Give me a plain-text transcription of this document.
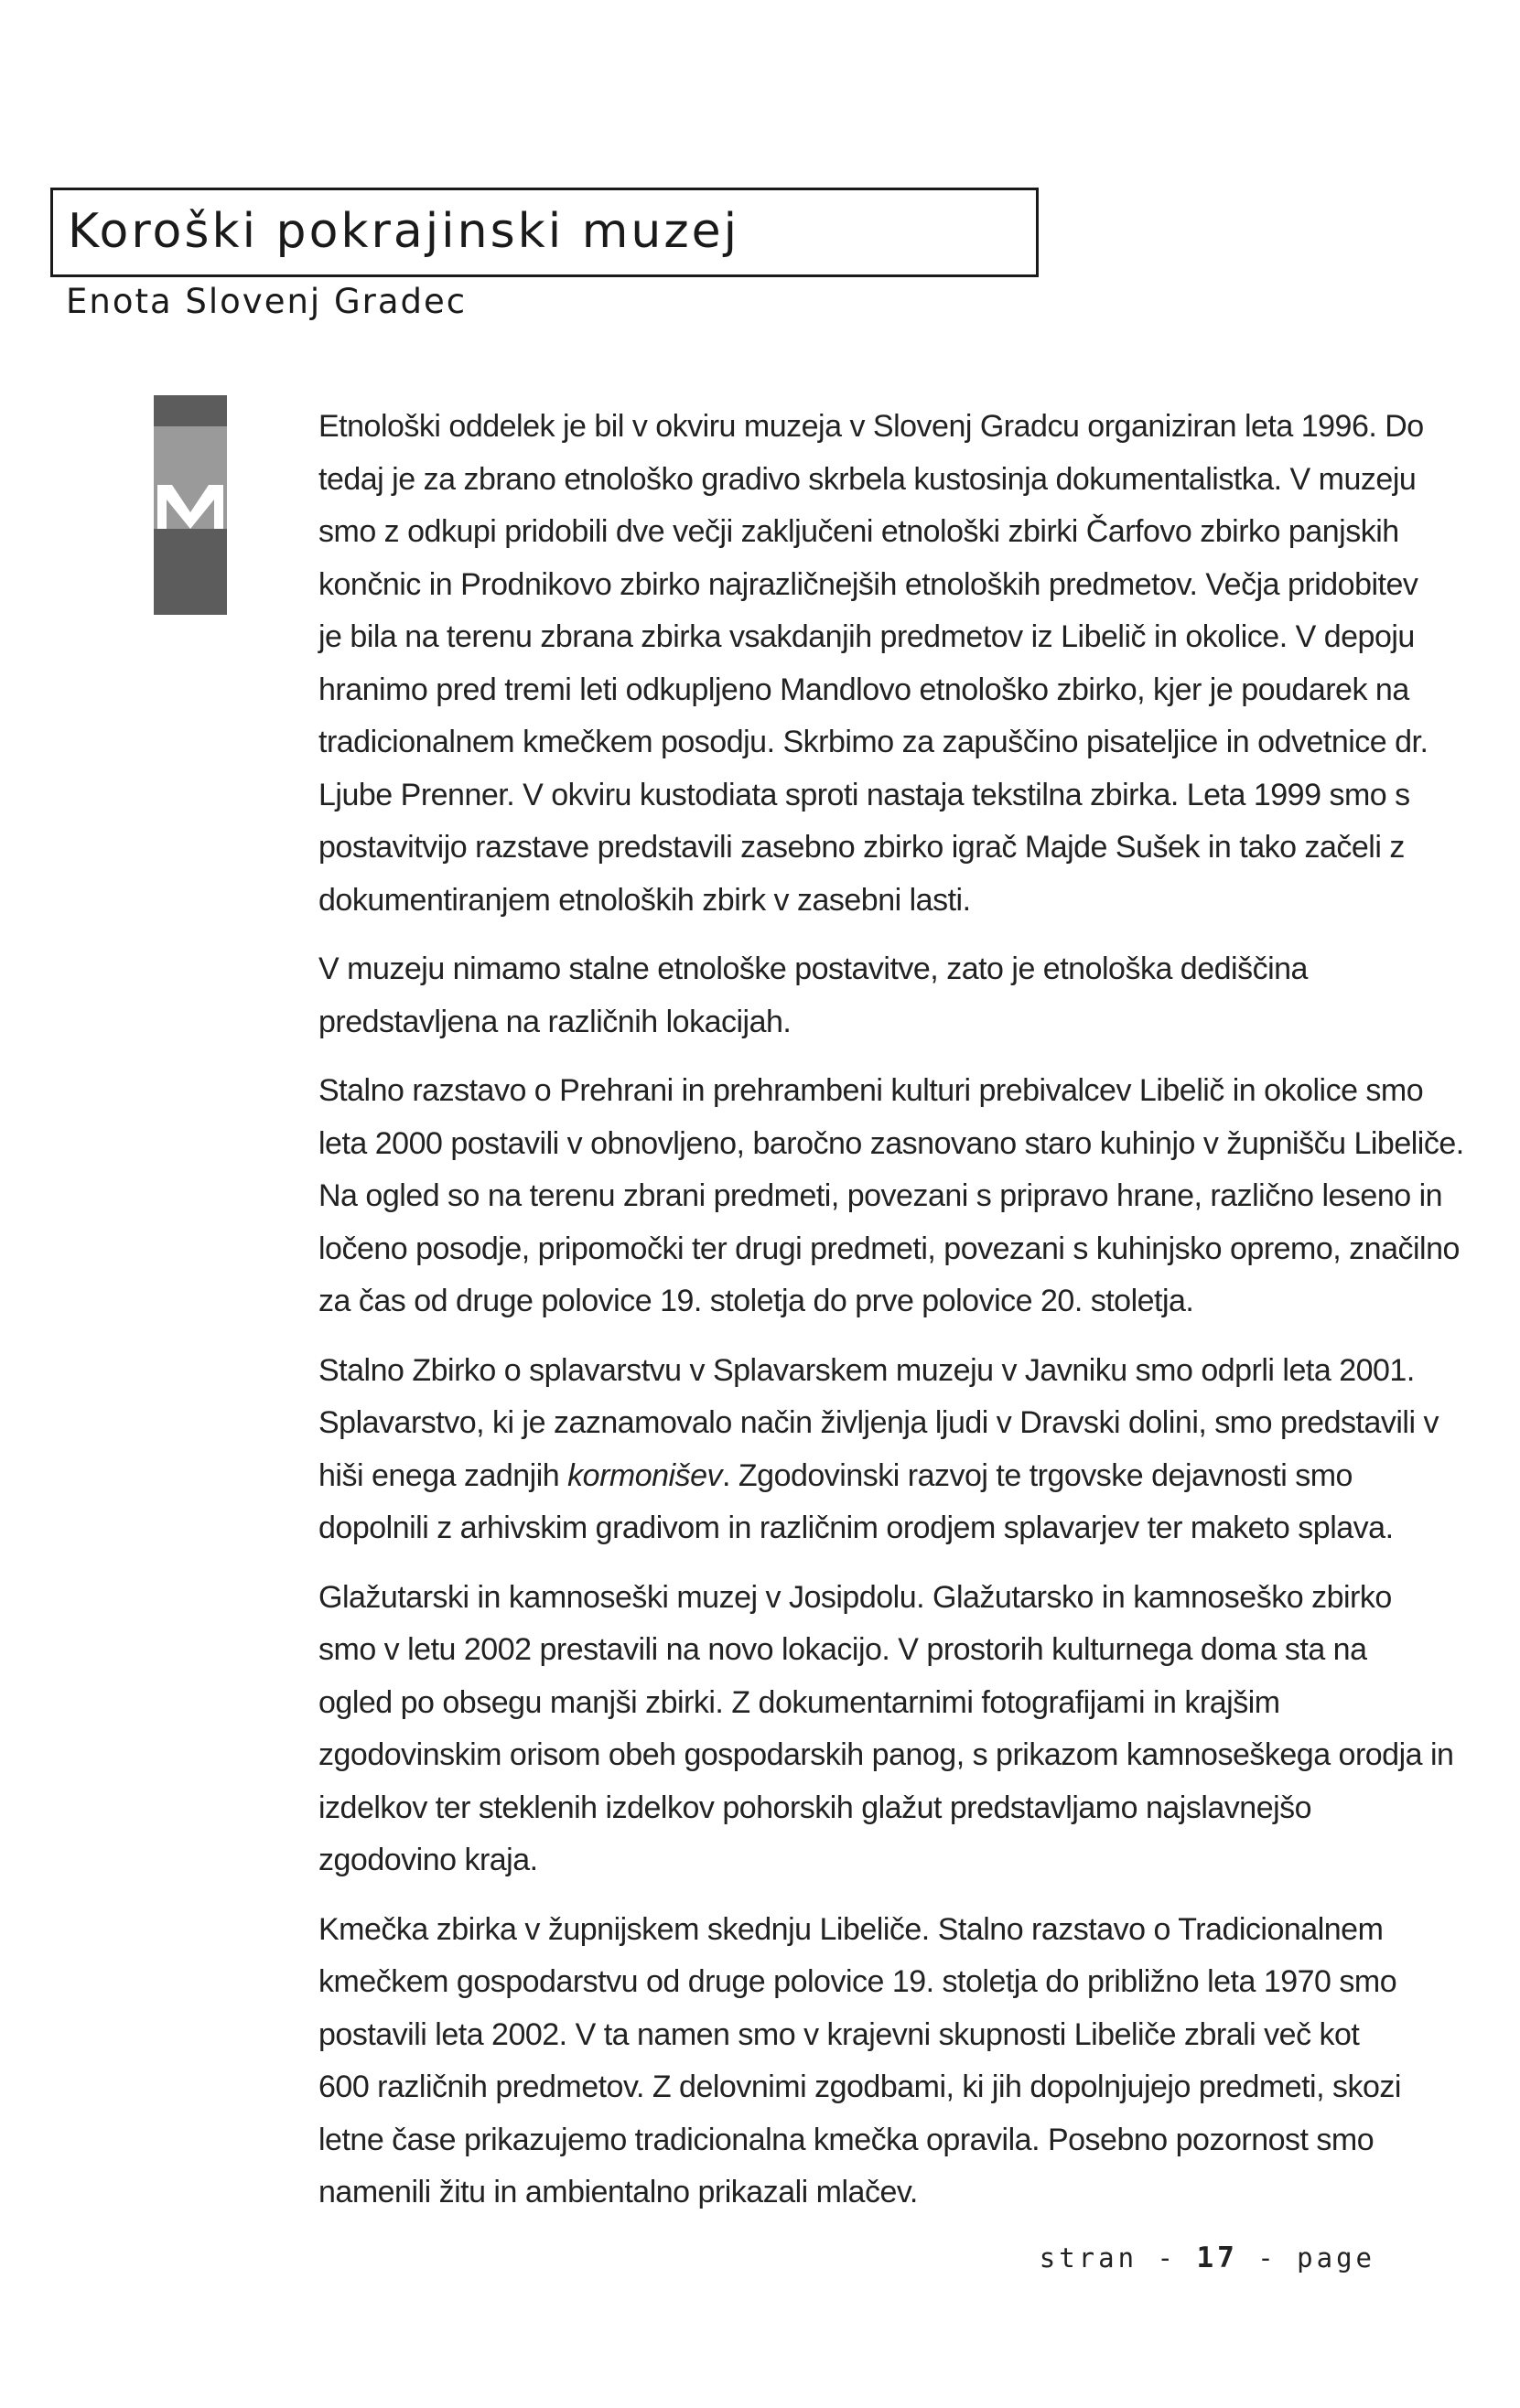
Koroški pokrajinski muzej
Enota Slovenj Gradec

Etnološki oddelek je bil v okviru muzeja v Slovenj Gradcu organiziran leta 1996. Do
tedaj je za zbrano etnološko gradivo skrbela kustosinja dokumentalistka. V muzeju
smo z odkupi pridobili dve večji zaključeni etnološki zbirki Čarfovo zbirko panjskih
končnic in Prodnikovo zbirko najrazličnejših etnoloških predmetov. Večja pridobitev
je bila na terenu zbrana zbirka vsakdanjih predmetov iz Libelič in okolice. V depoju
hranimo pred tremi leti odkupljeno Mandlovo etnološko zbirko, kjer je poudarek na
tradicionalnem kmečkem posodju. Skrbimo za zapuščino pisateljice in odvetnice dr.
Ljube Prenner. V okviru kustodiata sproti nastaja tekstilna zbirka. Leta 1999 smo s
postavitvijo razstave predstavili zasebno zbirko igrač Majde Sušek in tako začeli z
dokumentiranjem etnoloških zbirk v zasebni lasti.

V muzeju nimamo stalne etnološke postavitve, zato je etnološka dediščina
predstavljena na različnih lokacijah.

Stalno razstavo o Prehrani in prehrambeni kulturi prebivalcev Libelič in okolice smo
leta 2000 postavili v obnovljeno, baročno zasnovano staro kuhinjo v župnišču Libeliče.
Na ogled so na terenu zbrani predmeti, povezani s pripravo hrane, različno leseno in
ločeno posodje, pripomočki ter drugi predmeti, povezani s kuhinjsko opremo, značilno
za čas od druge polovice 19. stoletja do prve polovice 20. stoletja.

Stalno Zbirko o splavarstvu v Splavarskem muzeju v Javniku smo odprli leta 2001.
Splavarstvo, ki je zaznamovalo način življenja ljudi v Dravski dolini, smo predstavili v
hiši enega zadnjih kormonišev. Zgodovinski razvoj te trgovske dejavnosti smo
dopolnili z arhivskim gradivom in različnim orodjem splavarjev ter maketo splava.

Glažutarski in kamnoseški muzej v Josipdolu. Glažutarsko in kamnoseško zbirko
smo v letu 2002 prestavili na novo lokacijo. V prostorih kulturnega doma sta na
ogled po obsegu manjši zbirki. Z dokumentarnimi fotografijami in krajšim
zgodovinskim orisom obeh gospodarskih panog, s prikazom kamnoseškega orodja in
izdelkov ter steklenih izdelkov pohorskih glažut predstavljamo najslavnejšo
zgodovino kraja.

Kmečka zbirka v župnijskem skednju Libeliče. Stalno razstavo o Tradicionalnem
kmečkem gospodarstvu od druge polovice 19. stoletja do približno leta 1970 smo
postavili leta 2002. V ta namen smo v krajevni skupnosti Libeliče zbrali več kot
600 različnih predmetov. Z delovnimi zgodbami, ki jih dopolnjujejo predmeti, skozi
letne čase prikazujemo tradicionalna kmečka opravila. Posebno pozornost smo
namenili žitu in ambientalno prikazali mlačev.

stran - 17 - page
